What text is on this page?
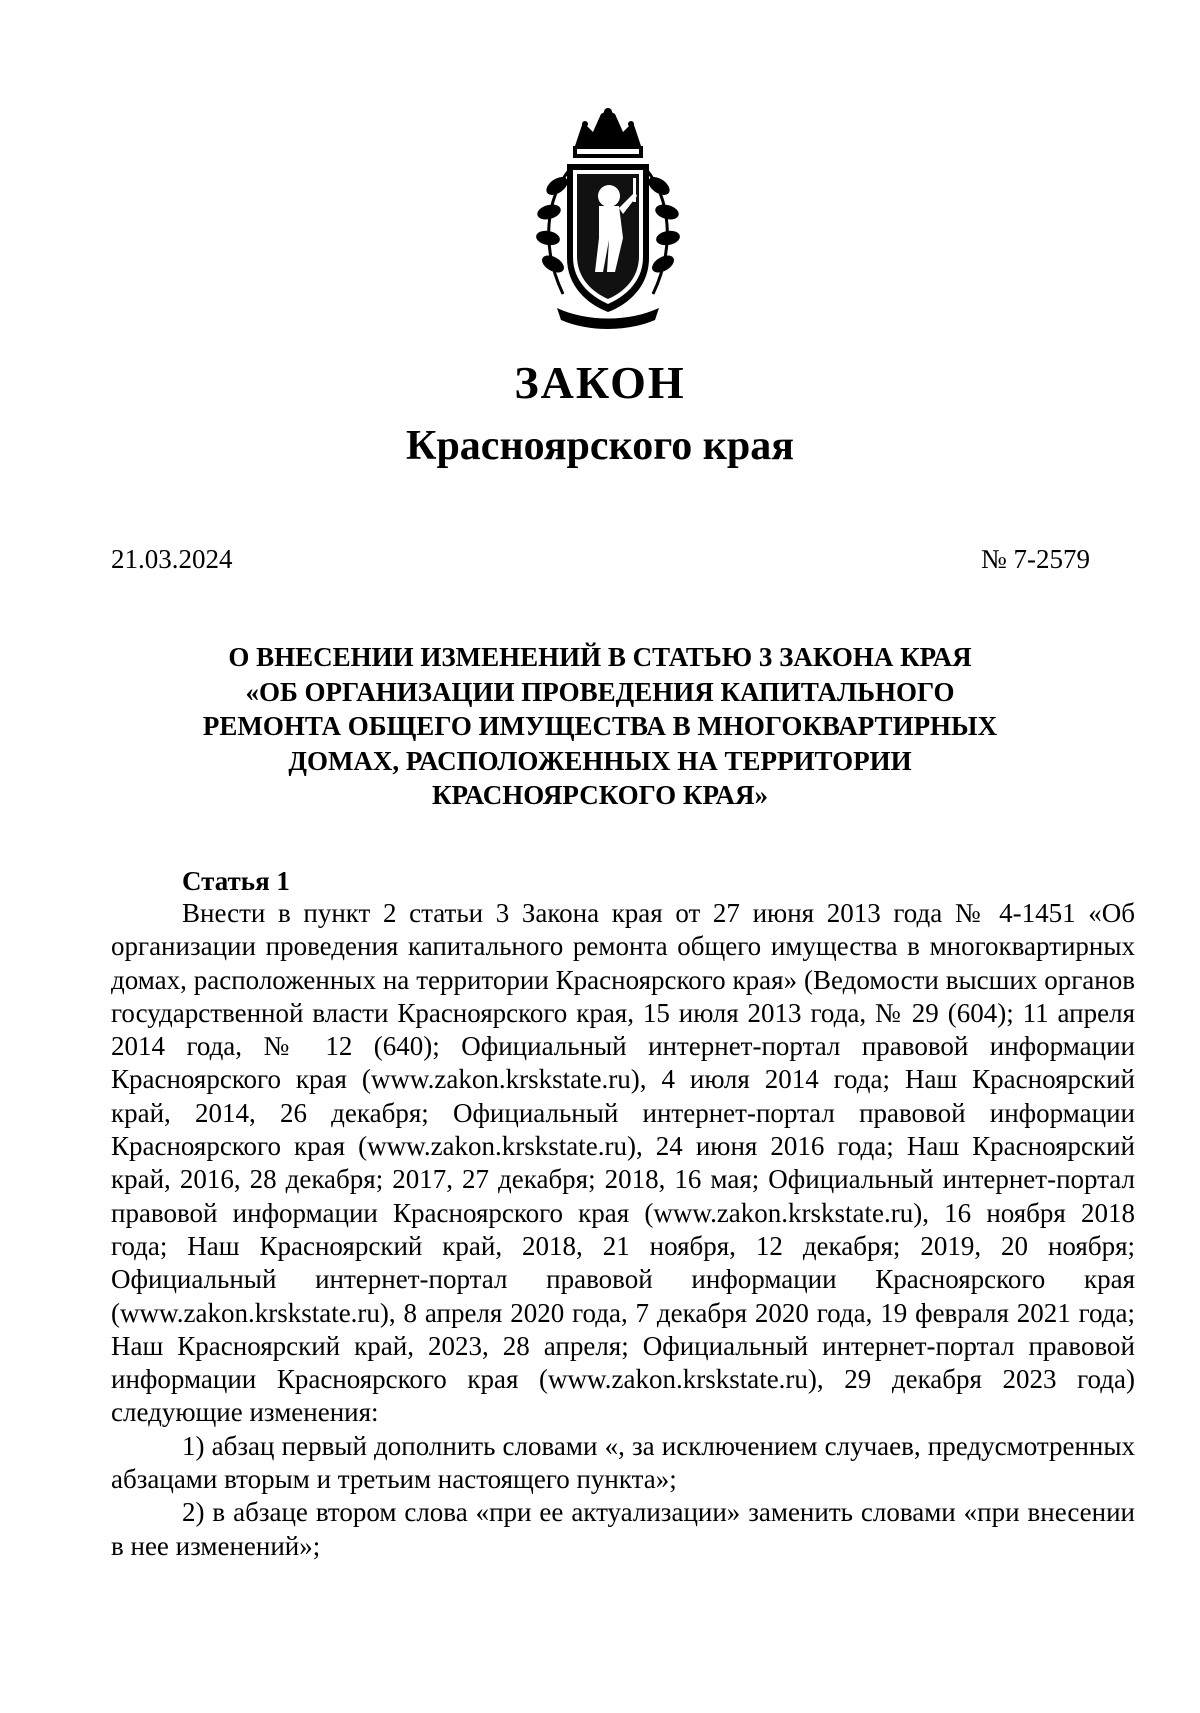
ЗАКОН
Красноярского края
21.03.2024	№ 7-2579
О ВНЕСЕНИИ ИЗМЕНЕНИЙ В СТАТЬЮ 3 ЗАКОНА КРАЯ
«ОБ ОРГАНИЗАЦИИ ПРОВЕДЕНИЯ КАПИТАЛЬНОГО
РЕМОНТА ОБЩЕГО ИМУЩЕСТВА В МНОГОКВАРТИРНЫХ
ДОМАХ, РАСПОЛОЖЕННЫХ НА ТЕРРИТОРИИ
КРАСНОЯРСКОГО КРАЯ»
Статья 1

Внести в пункт 2 статьи 3 Закона края от 27 июня 2013 года № 4-1451 «Об организации проведения капитального ремонта общего имущества в многоквартирных домах, расположенных на территории Красноярского края» (Ведомости высших органов государственной власти Красноярского края, 15 июля 2013 года, № 29 (604); 11 апреля 2014 года, № 12 (640); Официальный интернет-портал правовой информации Красноярского края (www.zakon.krskstate.ru), 4 июля 2014 года; Наш Красноярский край, 2014, 26 декабря; Официальный интернет-портал правовой информации Красноярского края (www.zakon.krskstate.ru), 24 июня 2016 года; Наш Красноярский край, 2016, 28 декабря; 2017, 27 декабря; 2018, 16 мая; Официальный интернет-портал правовой информации Красноярского края (www.zakon.krskstate.ru), 16 ноября 2018 года; Наш Красноярский край, 2018, 21 ноября, 12 декабря; 2019, 20 ноября; Официальный интернет-портал правовой информации Красноярского края (www.zakon.krskstate.ru), 8 апреля 2020 года, 7 декабря 2020 года, 19 февраля 2021 года; Наш Красноярский край, 2023, 28 апреля; Официальный интернет-портал правовой информации Красноярского края (www.zakon.krskstate.ru), 29 декабря 2023 года) следующие изменения:

1) абзац первый дополнить словами «, за исключением случаев, предусмотренных абзацами вторым и третьим настоящего пункта»;

2) в абзаце втором слова «при ее актуализации» заменить словами «при внесении в нее изменений»;
